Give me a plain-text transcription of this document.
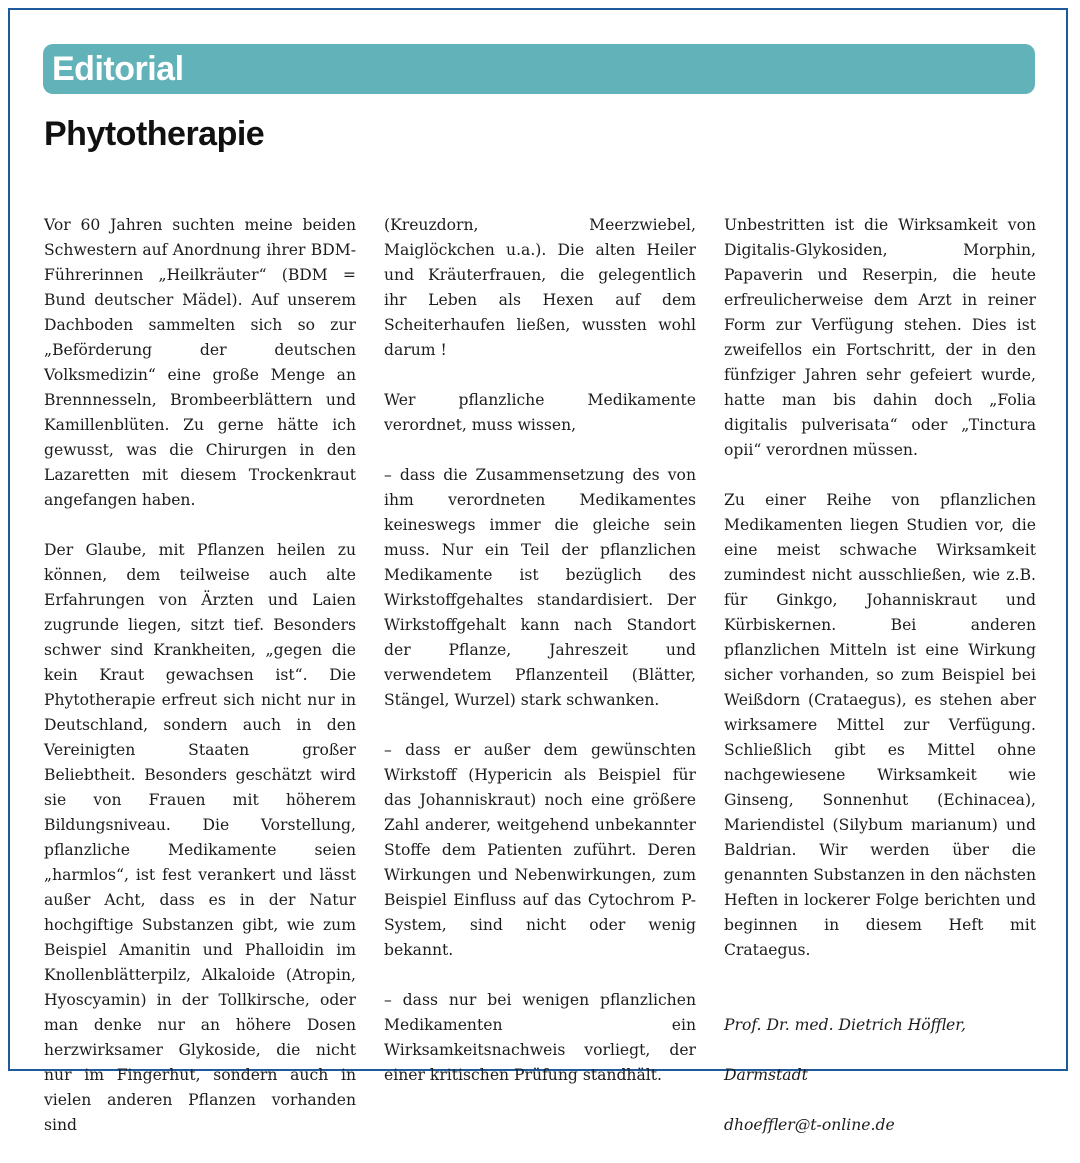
Editorial
Phytotherapie

Vor 60 Jahren suchten meine beiden Schwestern auf Anordnung ihrer BDM-Führerinnen „Heilkräuter“ (BDM = Bund deutscher Mädel). Auf unserem Dachboden sammelten sich so zur „Beförderung der deutschen Volksmedizin“ eine große Menge an Brennnesseln, Brombeerblättern und Kamillenblüten. Zu gerne hätte ich gewusst, was die Chirurgen in den Lazaretten mit diesem Trockenkraut angefangen haben.

Der Glaube, mit Pflanzen heilen zu können, dem teilweise auch alte Erfahrungen von Ärzten und Laien zugrunde liegen, sitzt tief. Besonders schwer sind Krankheiten, „gegen die kein Kraut gewachsen ist“. Die Phytotherapie erfreut sich nicht nur in Deutschland, sondern auch in den Vereinigten Staaten großer Beliebtheit. Besonders geschätzt wird sie von Frauen mit höherem Bildungsniveau. Die Vorstellung, pflanzliche Medikamente seien „harmlos“, ist fest verankert und lässt außer Acht, dass es in der Natur hochgiftige Substanzen gibt, wie zum Beispiel Amanitin und Phalloidin im Knollenblätterpilz, Alkaloide (Atropin, Hyoscyamin) in der Tollkirsche, oder man denke nur an höhere Dosen herzwirksamer Glykoside, die nicht nur im Fingerhut, sondern auch in vielen anderen Pflanzen vorhanden sind

(Kreuzdorn, Meerzwiebel, Maiglöckchen u.a.). Die alten Heiler und Kräuterfrauen, die gelegentlich ihr Leben als Hexen auf dem Scheiterhaufen ließen, wussten wohl darum !

Wer pflanzliche Medikamente verordnet, muss wissen,

– dass die Zusammensetzung des von ihm verordneten Medikamentes keineswegs immer die gleiche sein muss. Nur ein Teil der pflanzlichen Medikamente ist bezüglich des Wirkstoffgehaltes standardisiert. Der Wirkstoffgehalt kann nach Standort der Pflanze, Jahreszeit und verwendetem Pflanzenteil (Blätter, Stängel, Wurzel) stark schwanken.

– dass er außer dem gewünschten Wirkstoff (Hypericin als Beispiel für das Johanniskraut) noch eine größere Zahl anderer, weitgehend unbekannter Stoffe dem Patienten zuführt. Deren Wirkungen und Nebenwirkungen, zum Beispiel Einfluss auf das Cytochrom P-System, sind nicht oder wenig bekannt.

– dass nur bei wenigen pflanzlichen Medikamenten ein Wirksamkeitsnachweis vorliegt, der einer kritischen Prüfung standhält.

Unbestritten ist die Wirksamkeit von Digitalis-Glykosiden, Morphin, Papaverin und Reserpin, die heute erfreulicherweise dem Arzt in reiner Form zur Verfügung stehen. Dies ist zweifellos ein Fortschritt, der in den fünfziger Jahren sehr gefeiert wurde, hatte man bis dahin doch „Folia digitalis pulverisata“ oder „Tinctura opii“ verordnen müssen.

Zu einer Reihe von pflanzlichen Medikamenten liegen Studien vor, die eine meist schwache Wirksamkeit zumindest nicht ausschließen, wie z.B. für Ginkgo, Johanniskraut und Kürbiskernen. Bei anderen pflanzlichen Mitteln ist eine Wirkung sicher vorhanden, so zum Beispiel bei Weißdorn (Crataegus), es stehen aber wirksamere Mittel zur Verfügung. Schließlich gibt es Mittel ohne nachgewiesene Wirksamkeit wie Ginseng, Sonnenhut (Echinacea), Mariendistel (Silybum marianum) und Baldrian. Wir werden über die genannten Substanzen in den nächsten Heften in lockerer Folge berichten und beginnen in diesem Heft mit Crataegus.

Prof. Dr. med. Dietrich Höffler,

Darmstadt

dhoeffler@t-online.de
